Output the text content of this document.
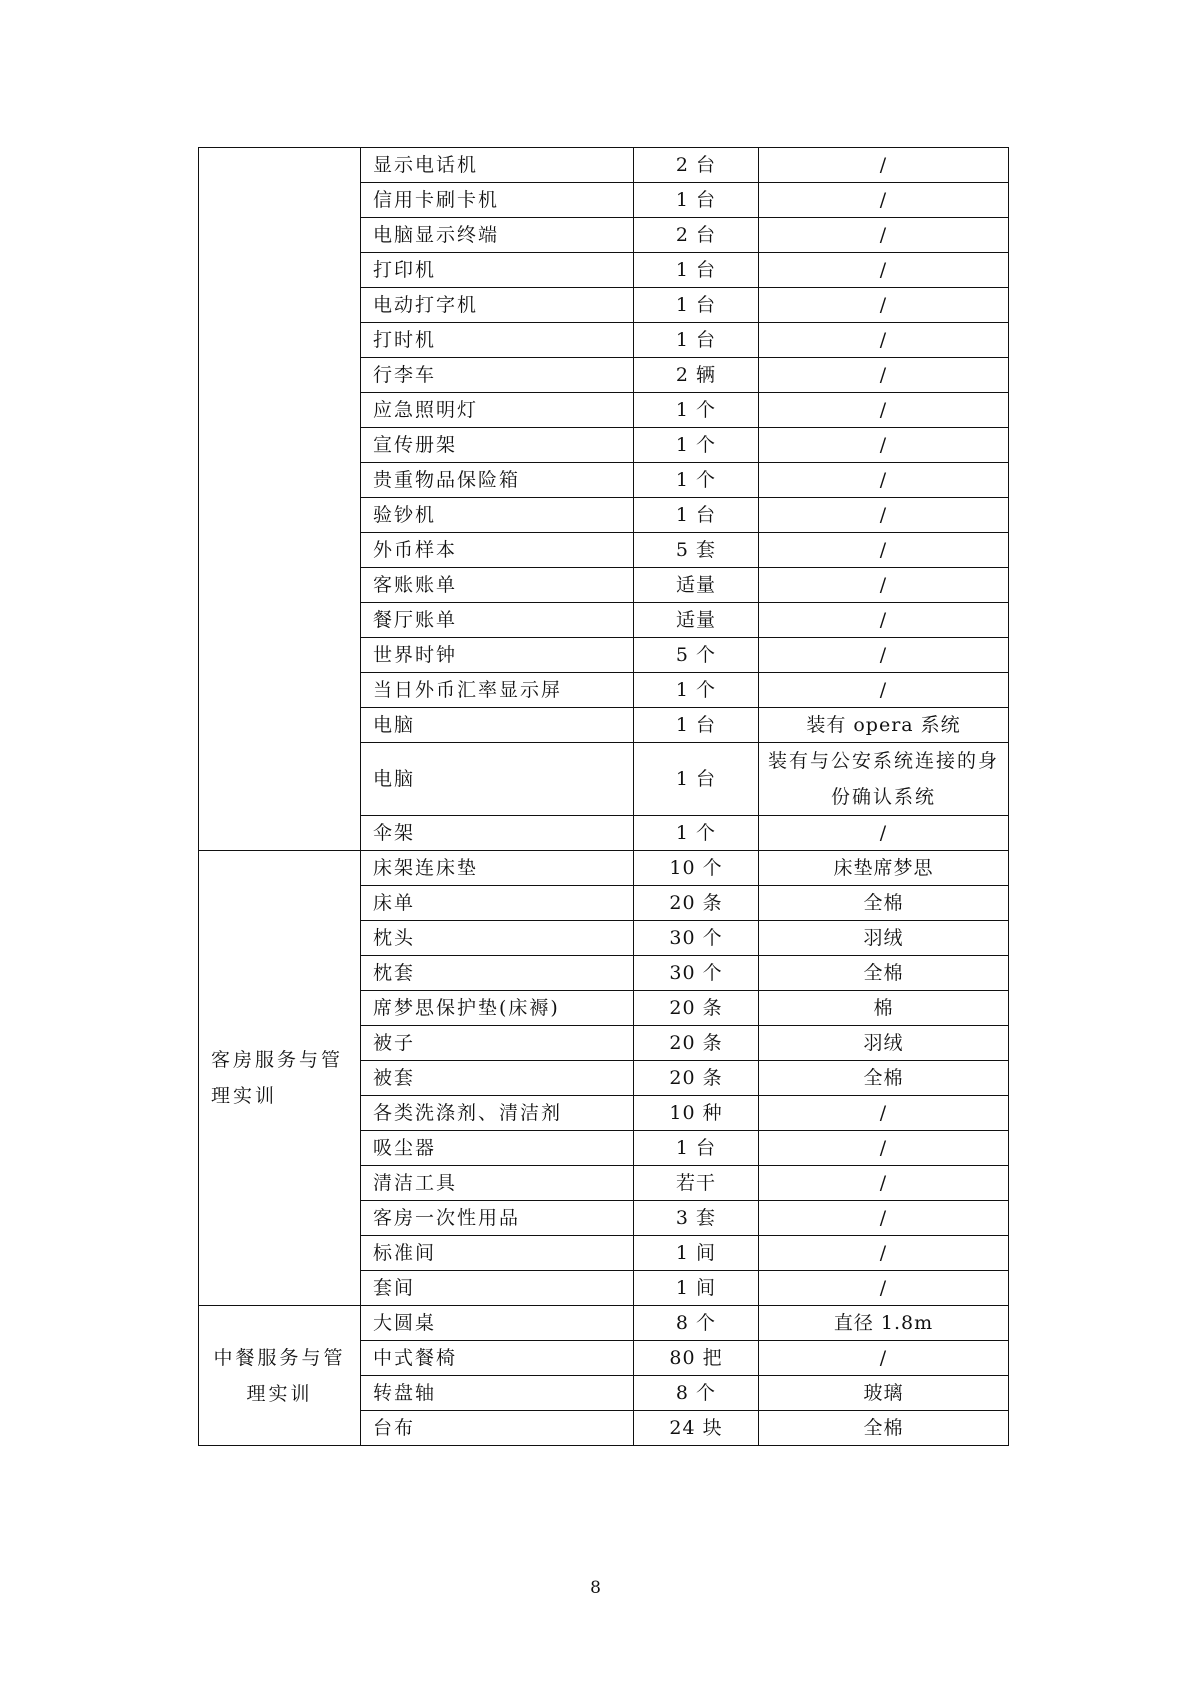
	显示电话机	2 台	/
	信用卡刷卡机	1 台	/
	电脑显示终端	2 台	/
	打印机	1 台	/
	电动打字机	1 台	/
	打时机	1 台	/
	行李车	2 辆	/
	应急照明灯	1 个	/
	宣传册架	1 个	/
	贵重物品保险箱	1 个	/
	验钞机	1 台	/
	外币样本	5 套	/
	客账账单	适量	/
	餐厅账单	适量	/
	世界时钟	5 个	/
	当日外币汇率显示屏	1 个	/
	电脑	1 台	装有 opera 系统
	电脑	1 台	装有与公安系统连接的身份确认系统
	伞架	1 个	/
客房服务与管理实训	床架连床垫	10 个	床垫席梦思
	床单	20 条	全棉
	枕头	30 个	羽绒
	枕套	30 个	全棉
	席梦思保护垫(床褥)	20 条	棉
	被子	20 条	羽绒
	被套	20 条	全棉
	各类洗涤剂、清洁剂	10 种	/
	吸尘器	1 台	/
	清洁工具	若干	/
	客房一次性用品	3 套	/
	标准间	1 间	/
	套间	1 间	/
中餐服务与管理实训	大圆桌	8 个	直径 1.8m
	中式餐椅	80 把	/
	转盘轴	8 个	玻璃
	台布	24 块	全棉
8
